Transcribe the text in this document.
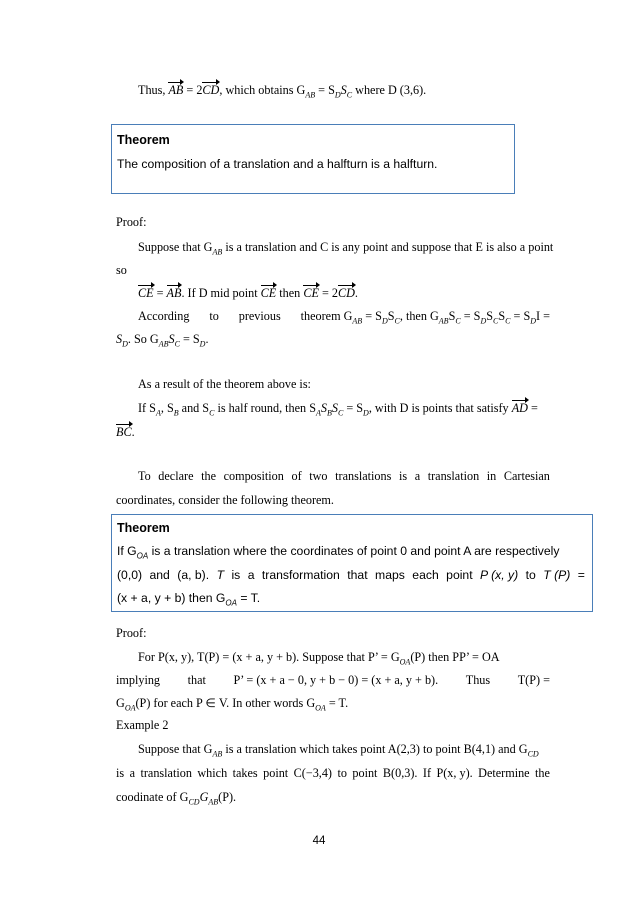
Thus, AB = 2CD, which obtains $G_{AB} = S_DS_C$ where D (3,6).
Theorem
The composition of a translation and a halfturn is a halfturn.
Proof:
Suppose that $G_{AB}$ is a translation and C is any point and suppose that E is also a point
so
CE = AB. If D mid point CE then CE = 2CD.
According to previous theorem $G_{AB} = S_DS_C$, then $G_{AB}S_C = S_DS_CS_C = S_DI$ =
$S_D$. So $G_{AB}S_C = S_D$.
As a result of the theorem above is:
If $S_A$, $S_B$ and $S_C$ is half round, then $S_AS_BS_C = S_D$, with D is points that satisfy AD =
BC.
To declare the composition of two translations is a translation in Cartesian
coordinates, consider the following theorem.
Theorem
If $G_{OA}$ is a translation where the coordinates of point 0 and point A are respectively
(0,0) and (a, b). T is a transformation that maps each point P (x, y) to T (P) =
(x + a, y + b) then $G_{OA} = T$.
Proof:
For P(x, y), T(P) = (x + a, y + b). Suppose that P’ = $G_{OA}(P)$ then PP’ = OA
implying that P’ = (x + a − 0, y + b − 0) = (x + a, y + b). Thus T(P) =
$G_{OA}(P)$ for each P ∈ V. In other words $G_{OA} = T$.
Example 2
Suppose that $G_{AB}$ is a translation which takes point A(2,3) to point B(4,1) and $G_{CD}$
is a translation which takes point C(−3,4) to point B(0,3). If P(x, y). Determine the
coodinate of $G_{CD}G_{AB}(P)$.
44
